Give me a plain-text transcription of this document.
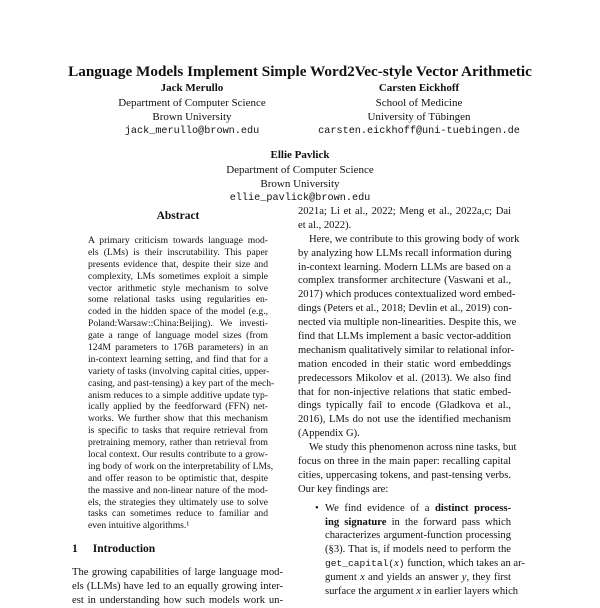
Language Models Implement Simple Word2Vec-style Vector Arithmetic
Jack Merullo
Department of Computer Science
Brown University
jack_merullo@brown.edu
Carsten Eickhoff
School of Medicine
University of Tübingen
carsten.eickhoff@uni-tuebingen.de
Ellie Pavlick
Department of Computer Science
Brown University
ellie_pavlick@brown.edu
Abstract
A primary criticism towards language mod-
els (LMs) is their inscrutability. This paper
presents evidence that, despite their size and
complexity, LMs sometimes exploit a simple
vector arithmetic style mechanism to solve
some relational tasks using regularities en-
coded in the hidden space of the model (e.g.,
Poland:Warsaw::China:Beijing). We investi-
gate a range of language model sizes (from
124M parameters to 176B parameters) in an
in-context learning setting, and find that for a
variety of tasks (involving capital cities, upper-
casing, and past-tensing) a key part of the mech-
anism reduces to a simple additive update typ-
ically applied by the feedforward (FFN) net-
works. We further show that this mechanism
is specific to tasks that require retrieval from
pretraining memory, rather than retrieval from
local context. Our results contribute to a grow-
ing body of work on the interpretability of LMs,
and offer reason to be optimistic that, despite
the massive and non-linear nature of the mod-
els, the strategies they ultimately use to solve
tasks can sometimes reduce to familiar and
even intuitive algorithms.¹
1 Introduction
The growing capabilities of large language mod-
els (LLMs) have led to an equally growing inter-
est in understanding how such models work un-
2021a; Li et al., 2022; Meng et al., 2022a,c; Dai
et al., 2022).
Here, we contribute to this growing body of work
by analyzing how LLMs recall information during
in-context learning. Modern LLMs are based on a
complex transformer architecture (Vaswani et al.,
2017) which produces contextualized word embed-
dings (Peters et al., 2018; Devlin et al., 2019) con-
nected via multiple non-linearities. Despite this, we
find that LLMs implement a basic vector-addition
mechanism qualitatively similar to relational infor-
mation encoded in their static word embeddings
predecessors Mikolov et al. (2013). We also find
that for non-injective relations that static embed-
dings typically fail to encode (Gladkova et al.,
2016), LMs do not use the identified mechanism
(Appendix G).
We study this phenomenon across nine tasks, but
focus on three in the main paper: recalling capital
cities, uppercasing tokens, and past-tensing verbs.
Our key findings are:
• We find evidence of a distinct process-
ing signature in the forward pass which
characterizes argument-function processing
(§3). That is, if models need to perform the
get_capital(x) function, which takes an ar-
gument x and yields an answer y, they first
surface the argument x in earlier layers which
